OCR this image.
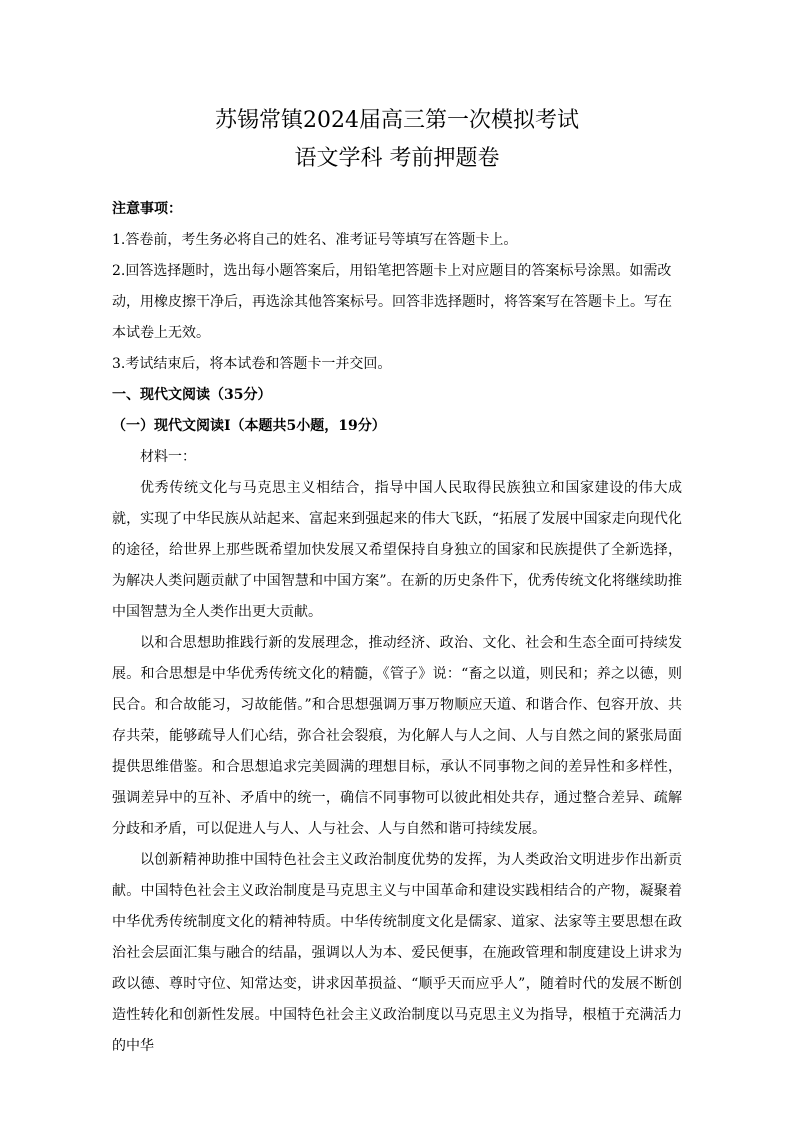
苏锡常镇2024届高三第一次模拟考试
语文学科 考前押题卷

注意事项：

1.答卷前，考生务必将自己的姓名、准考证号等填写在答题卡上。

2.回答选择题时，选出每小题答案后，用铅笔把答题卡上对应题目的答案标号涂黑。如需改

动，用橡皮擦干净后，再选涂其他答案标号。回答非选择题时，将答案写在答题卡上。写在

本试卷上无效。

3.考试结束后，将本试卷和答题卡一并交回。

一、现代文阅读（35分）

（一）现代文阅读Ⅰ（本题共5小题，19分）

材料一：

优秀传统文化与马克思主义相结合，指导中国人民取得民族独立和国家建设的伟大成就，实现了中华民族从站起来、富起来到强起来的伟大飞跃，“拓展了发展中国家走向现代化的途径，给世界上那些既希望加快发展又希望保持自身独立的国家和民族提供了全新选择，为解决人类问题贡献了中国智慧和中国方案”。在新的历史条件下，优秀传统文化将继续助推中国智慧为全人类作出更大贡献。

以和合思想助推践行新的发展理念，推动经济、政治、文化、社会和生态全面可持续发展。和合思想是中华优秀传统文化的精髓，《管子》说：“畜之以道，则民和；养之以德，则民合。和合故能习，习故能偕。”和合思想强调万事万物顺应天道、和谐合作、包容开放、共存共荣，能够疏导人们心结，弥合社会裂痕，为化解人与人之间、人与自然之间的紧张局面提供思维借鉴。和合思想追求完美圆满的理想目标，承认不同事物之间的差异性和多样性，强调差异中的互补、矛盾中的统一，确信不同事物可以彼此相处共存，通过整合差异、疏解分歧和矛盾，可以促进人与人、人与社会、人与自然和谐可持续发展。

以创新精神助推中国特色社会主义政治制度优势的发挥，为人类政治文明进步作出新贡献。中国特色社会主义政治制度是马克思主义与中国革命和建设实践相结合的产物，凝聚着中华优秀传统制度文化的精神特质。中华传统制度文化是儒家、道家、法家等主要思想在政治社会层面汇集与融合的结晶，强调以人为本、爱民便事，在施政管理和制度建设上讲求为政以德、尊时守位、知常达变，讲求因革损益、“顺乎天而应乎人”，随着时代的发展不断创造性转化和创新性发展。中国特色社会主义政治制度以马克思主义为指导，根植于充满活力的中华
